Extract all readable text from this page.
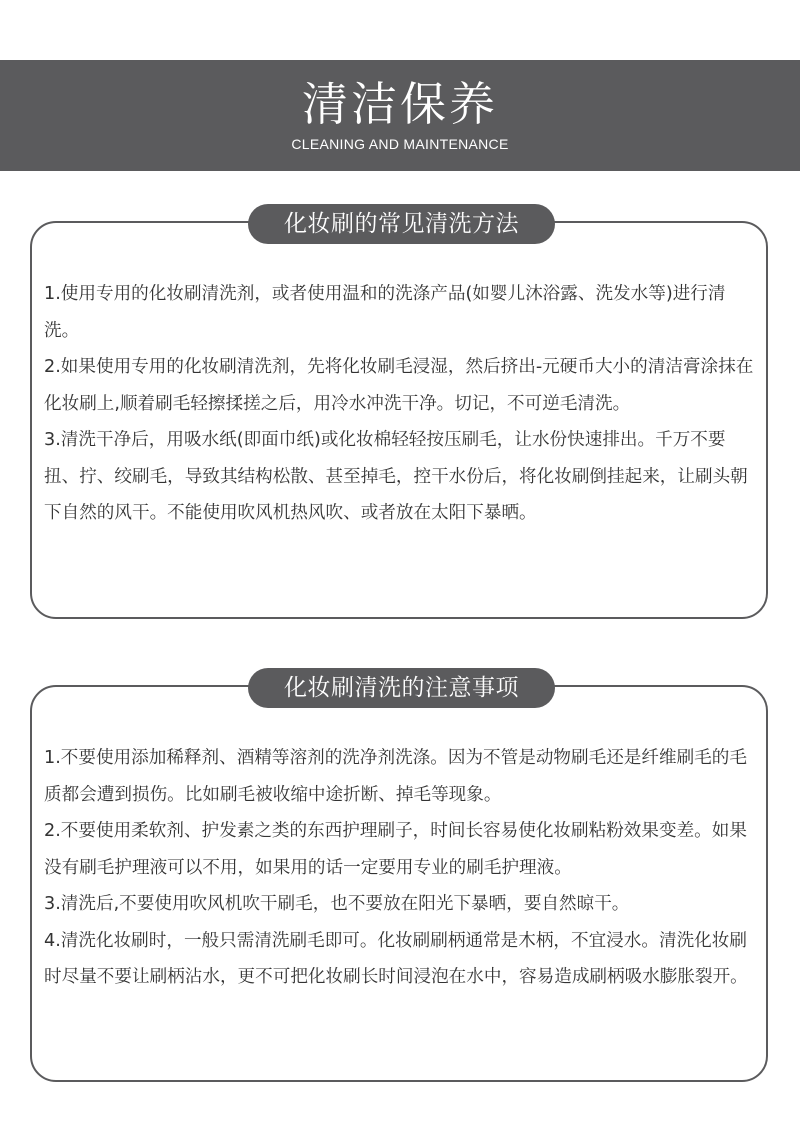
清洁保养
CLEANING AND MAINTENANCE
化妆刷的常见清洗方法

1.使用专用的化妆刷清洗剂，或者使用温和的洗涤产品(如婴儿沐浴露、洗发水等)进行清洗。

2.如果使用专用的化妆刷清洗剂，先将化妆刷毛浸湿，然后挤出-元硬币大小的清洁膏涂抹在化妆刷上,顺着刷毛轻擦揉搓之后，用冷水冲洗干净。切记，不可逆毛清洗。

3.清洗干净后，用吸水纸(即面巾纸)或化妆棉轻轻按压刷毛，让水份快速排出。千万不要扭、拧、绞刷毛，导致其结构松散、甚至掉毛，控干水份后，将化妆刷倒挂起来，让刷头朝下自然的风干。不能使用吹风机热风吹、或者放在太阳下暴晒。

化妆刷清洗的注意事项

1.不要使用添加稀释剂、酒精等溶剂的洗净剂洗涤。因为不管是动物刷毛还是纤维刷毛的毛质都会遭到损伤。比如刷毛被收缩中途折断、掉毛等现象。

2.不要使用柔软剂、护发素之类的东西护理刷子，时间长容易使化妆刷粘粉效果变差。如果没有刷毛护理液可以不用，如果用的话一定要用专业的刷毛护理液。

3.清洗后,不要使用吹风机吹干刷毛，也不要放在阳光下暴晒，要自然晾干。

4.清洗化妆刷时，一般只需清洗刷毛即可。化妆刷刷柄通常是木柄，不宜浸水。清洗化妆刷时尽量不要让刷柄沾水，更不可把化妆刷长时间浸泡在水中，容易造成刷柄吸水膨胀裂开。
